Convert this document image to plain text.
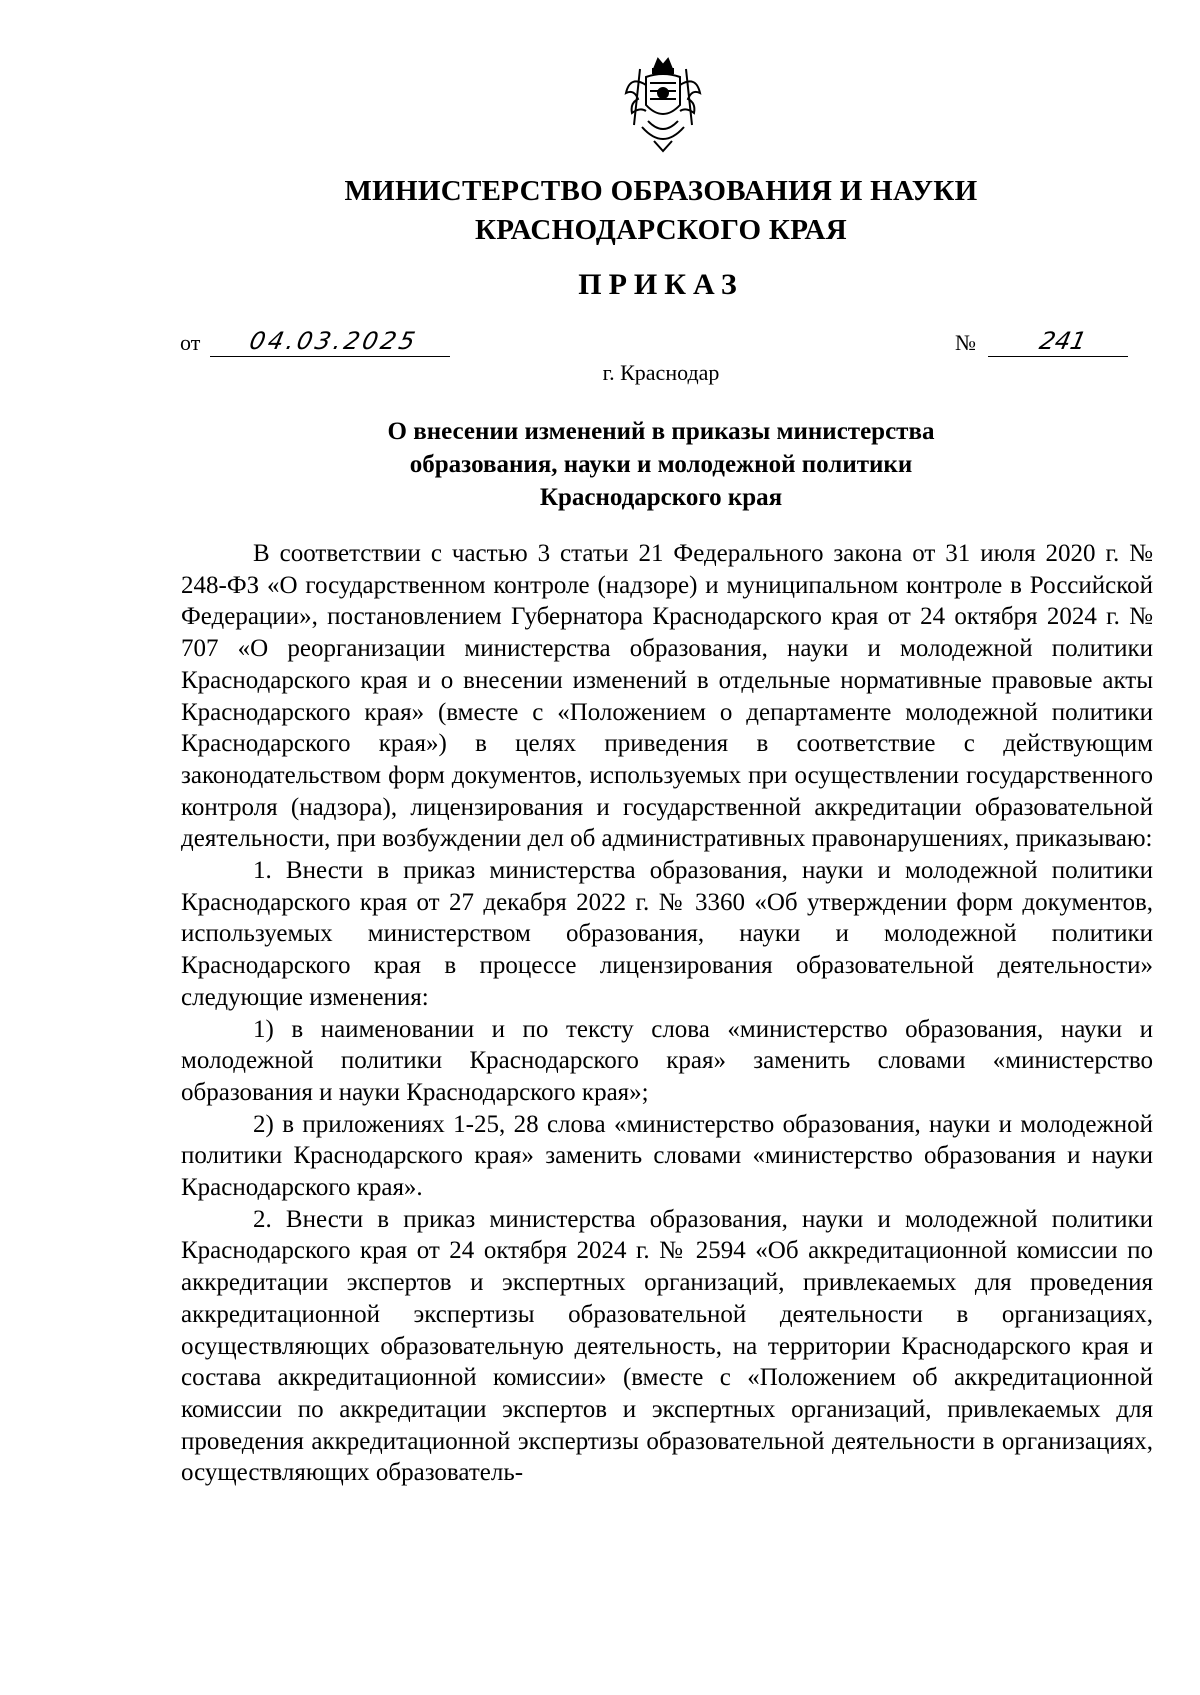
МИНИСТЕРСТВО ОБРАЗОВАНИЯ И НАУКИ
КРАСНОДАРСКОГО КРАЯ
ПРИКАЗ
от 04.03.2025	№	241
г. Краснодар
О внесении изменений в приказы министерства
образования, науки и молодежной политики
Краснодарского края

В соответствии с частью 3 статьи 21 Федерального закона от 31 июля 2020 г. № 248-ФЗ «О государственном контроле (надзоре) и муниципальном контроле в Российской Федерации», постановлением Губернатора Краснодарского края от 24 октября 2024 г. № 707 «О реорганизации министерства образования, науки и молодежной политики Краснодарского края и о внесении изменений в отдельные нормативные правовые акты Краснодарского края» (вместе с «Положением о департаменте молодежной политики Краснодарского края») в целях приведения в соответствие с действующим законодательством форм документов, используемых при осуществлении государственного контроля (надзора), лицензирования и государственной аккредитации образовательной деятельности, при возбуждении дел об административных правонарушениях, приказываю:

1. Внести в приказ министерства образования, науки и молодежной политики Краснодарского края от 27 декабря 2022 г. № 3360 «Об утверждении форм документов, используемых министерством образования, науки и молодежной политики Краснодарского края в процессе лицензирования образовательной деятельности» следующие изменения:

1) в наименовании и по тексту слова «министерство образования, науки и молодежной политики Краснодарского края» заменить словами «министерство образования и науки Краснодарского края»;

2) в приложениях 1-25, 28 слова «министерство образования, науки и молодежной политики Краснодарского края» заменить словами «министерство образования и науки Краснодарского края».

2. Внести в приказ министерства образования, науки и молодежной политики Краснодарского края от 24 октября 2024 г. № 2594 «Об аккредитационной комиссии по аккредитации экспертов и экспертных организаций, привлекаемых для проведения аккредитационной экспертизы образовательной деятельности в организациях, осуществляющих образовательную деятельность, на территории Краснодарского края и состава аккредитационной комиссии» (вместе с «Положением об аккредитационной комиссии по аккредитации экспертов и экспертных организаций, привлекаемых для проведения аккредитационной экспертизы образовательной деятельности в организациях, осуществляющих образователь-
